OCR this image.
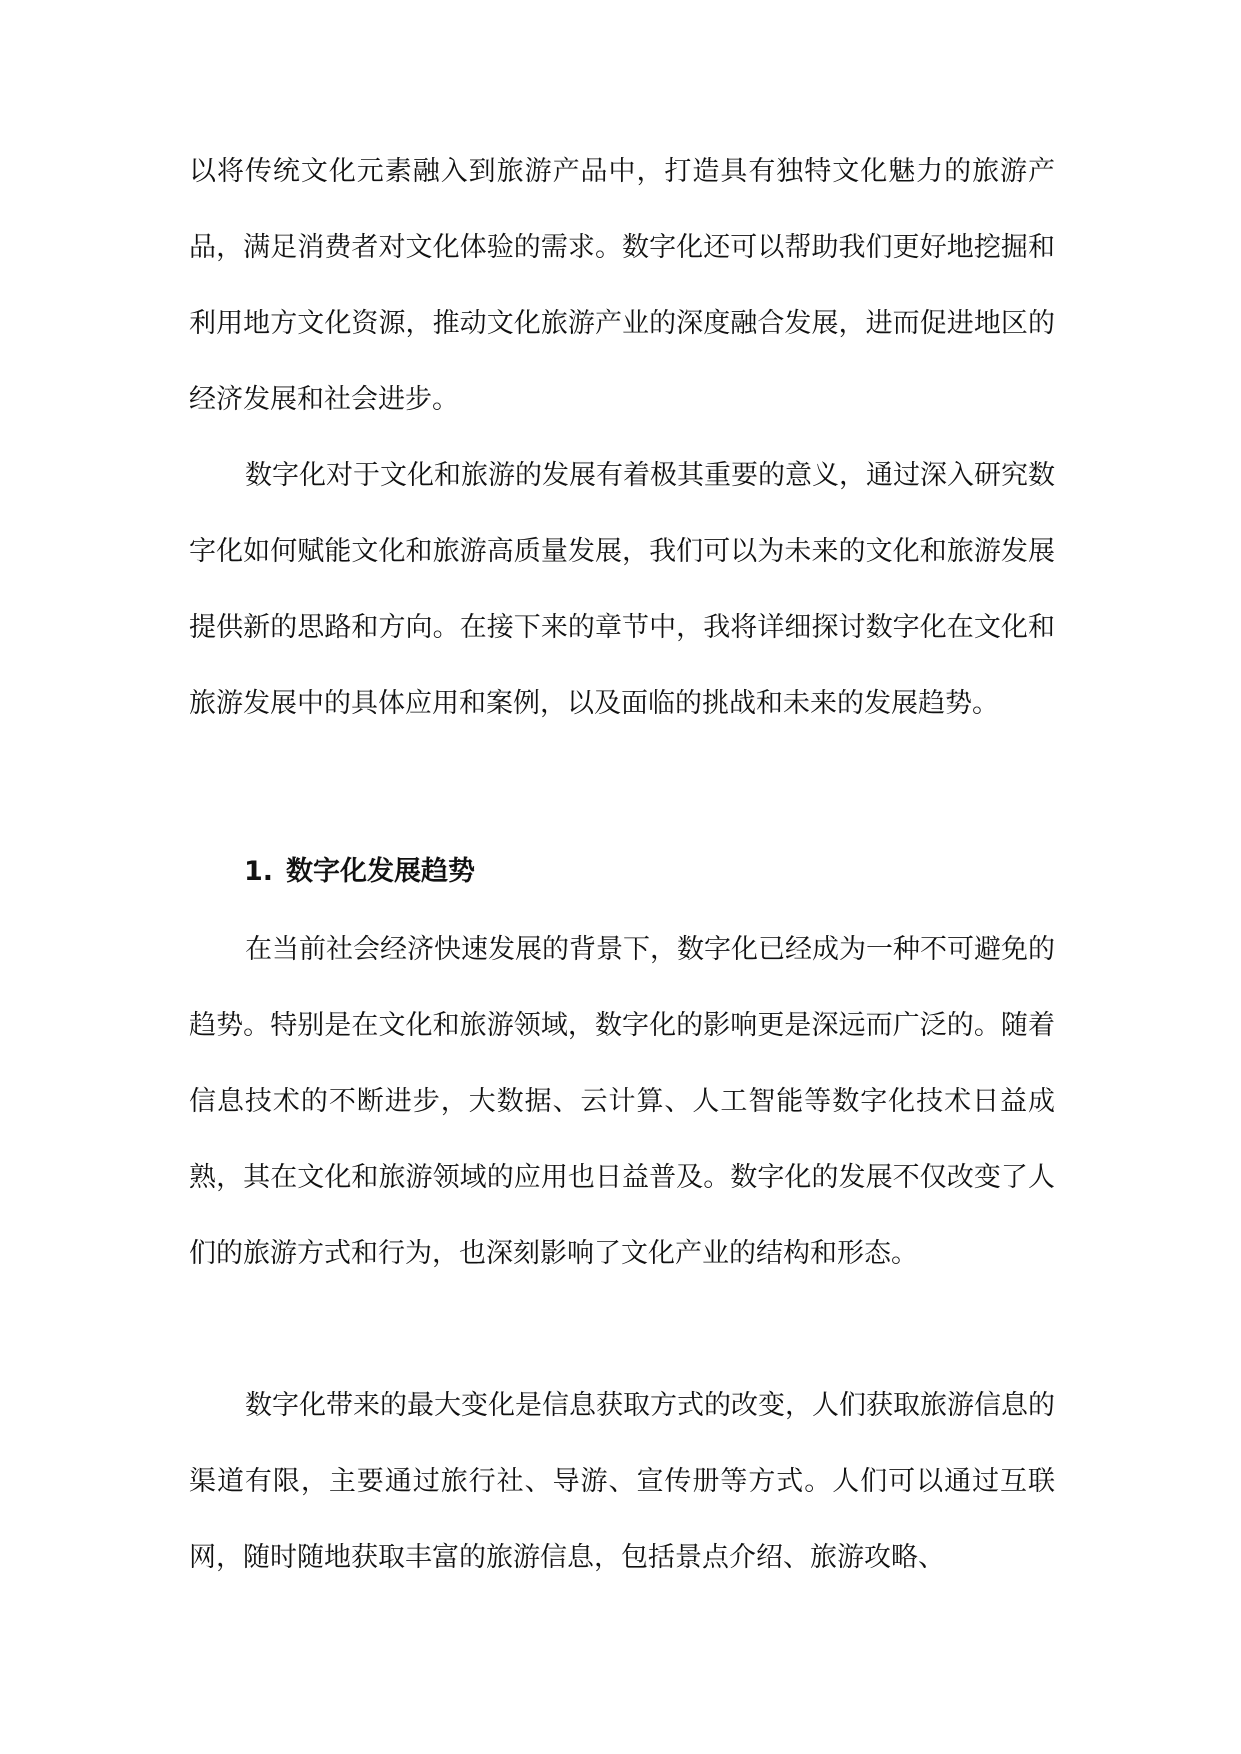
以将传统文化元素融入到旅游产品中，打造具有独特文化魅力的旅游产品，满足消费者对文化体验的需求。数字化还可以帮助我们更好地挖掘和利用地方文化资源，推动文化旅游产业的深度融合发展，进而促进地区的经济发展和社会进步。

数字化对于文化和旅游的发展有着极其重要的意义，通过深入研究数字化如何赋能文化和旅游高质量发展，我们可以为未来的文化和旅游发展提供新的思路和方向。在接下来的章节中，我将详细探讨数字化在文化和旅游发展中的具体应用和案例，以及面临的挑战和未来的发展趋势。

1. 数字化发展趋势

在当前社会经济快速发展的背景下，数字化已经成为一种不可避免的趋势。特别是在文化和旅游领域，数字化的影响更是深远而广泛的。随着信息技术的不断进步，大数据、云计算、人工智能等数字化技术日益成熟，其在文化和旅游领域的应用也日益普及。数字化的发展不仅改变了人们的旅游方式和行为，也深刻影响了文化产业的结构和形态。

数字化带来的最大变化是信息获取方式的改变，人们获取旅游信息的渠道有限，主要通过旅行社、导游、宣传册等方式。人们可以通过互联网，随时随地获取丰富的旅游信息，包括景点介绍、旅游攻略、
